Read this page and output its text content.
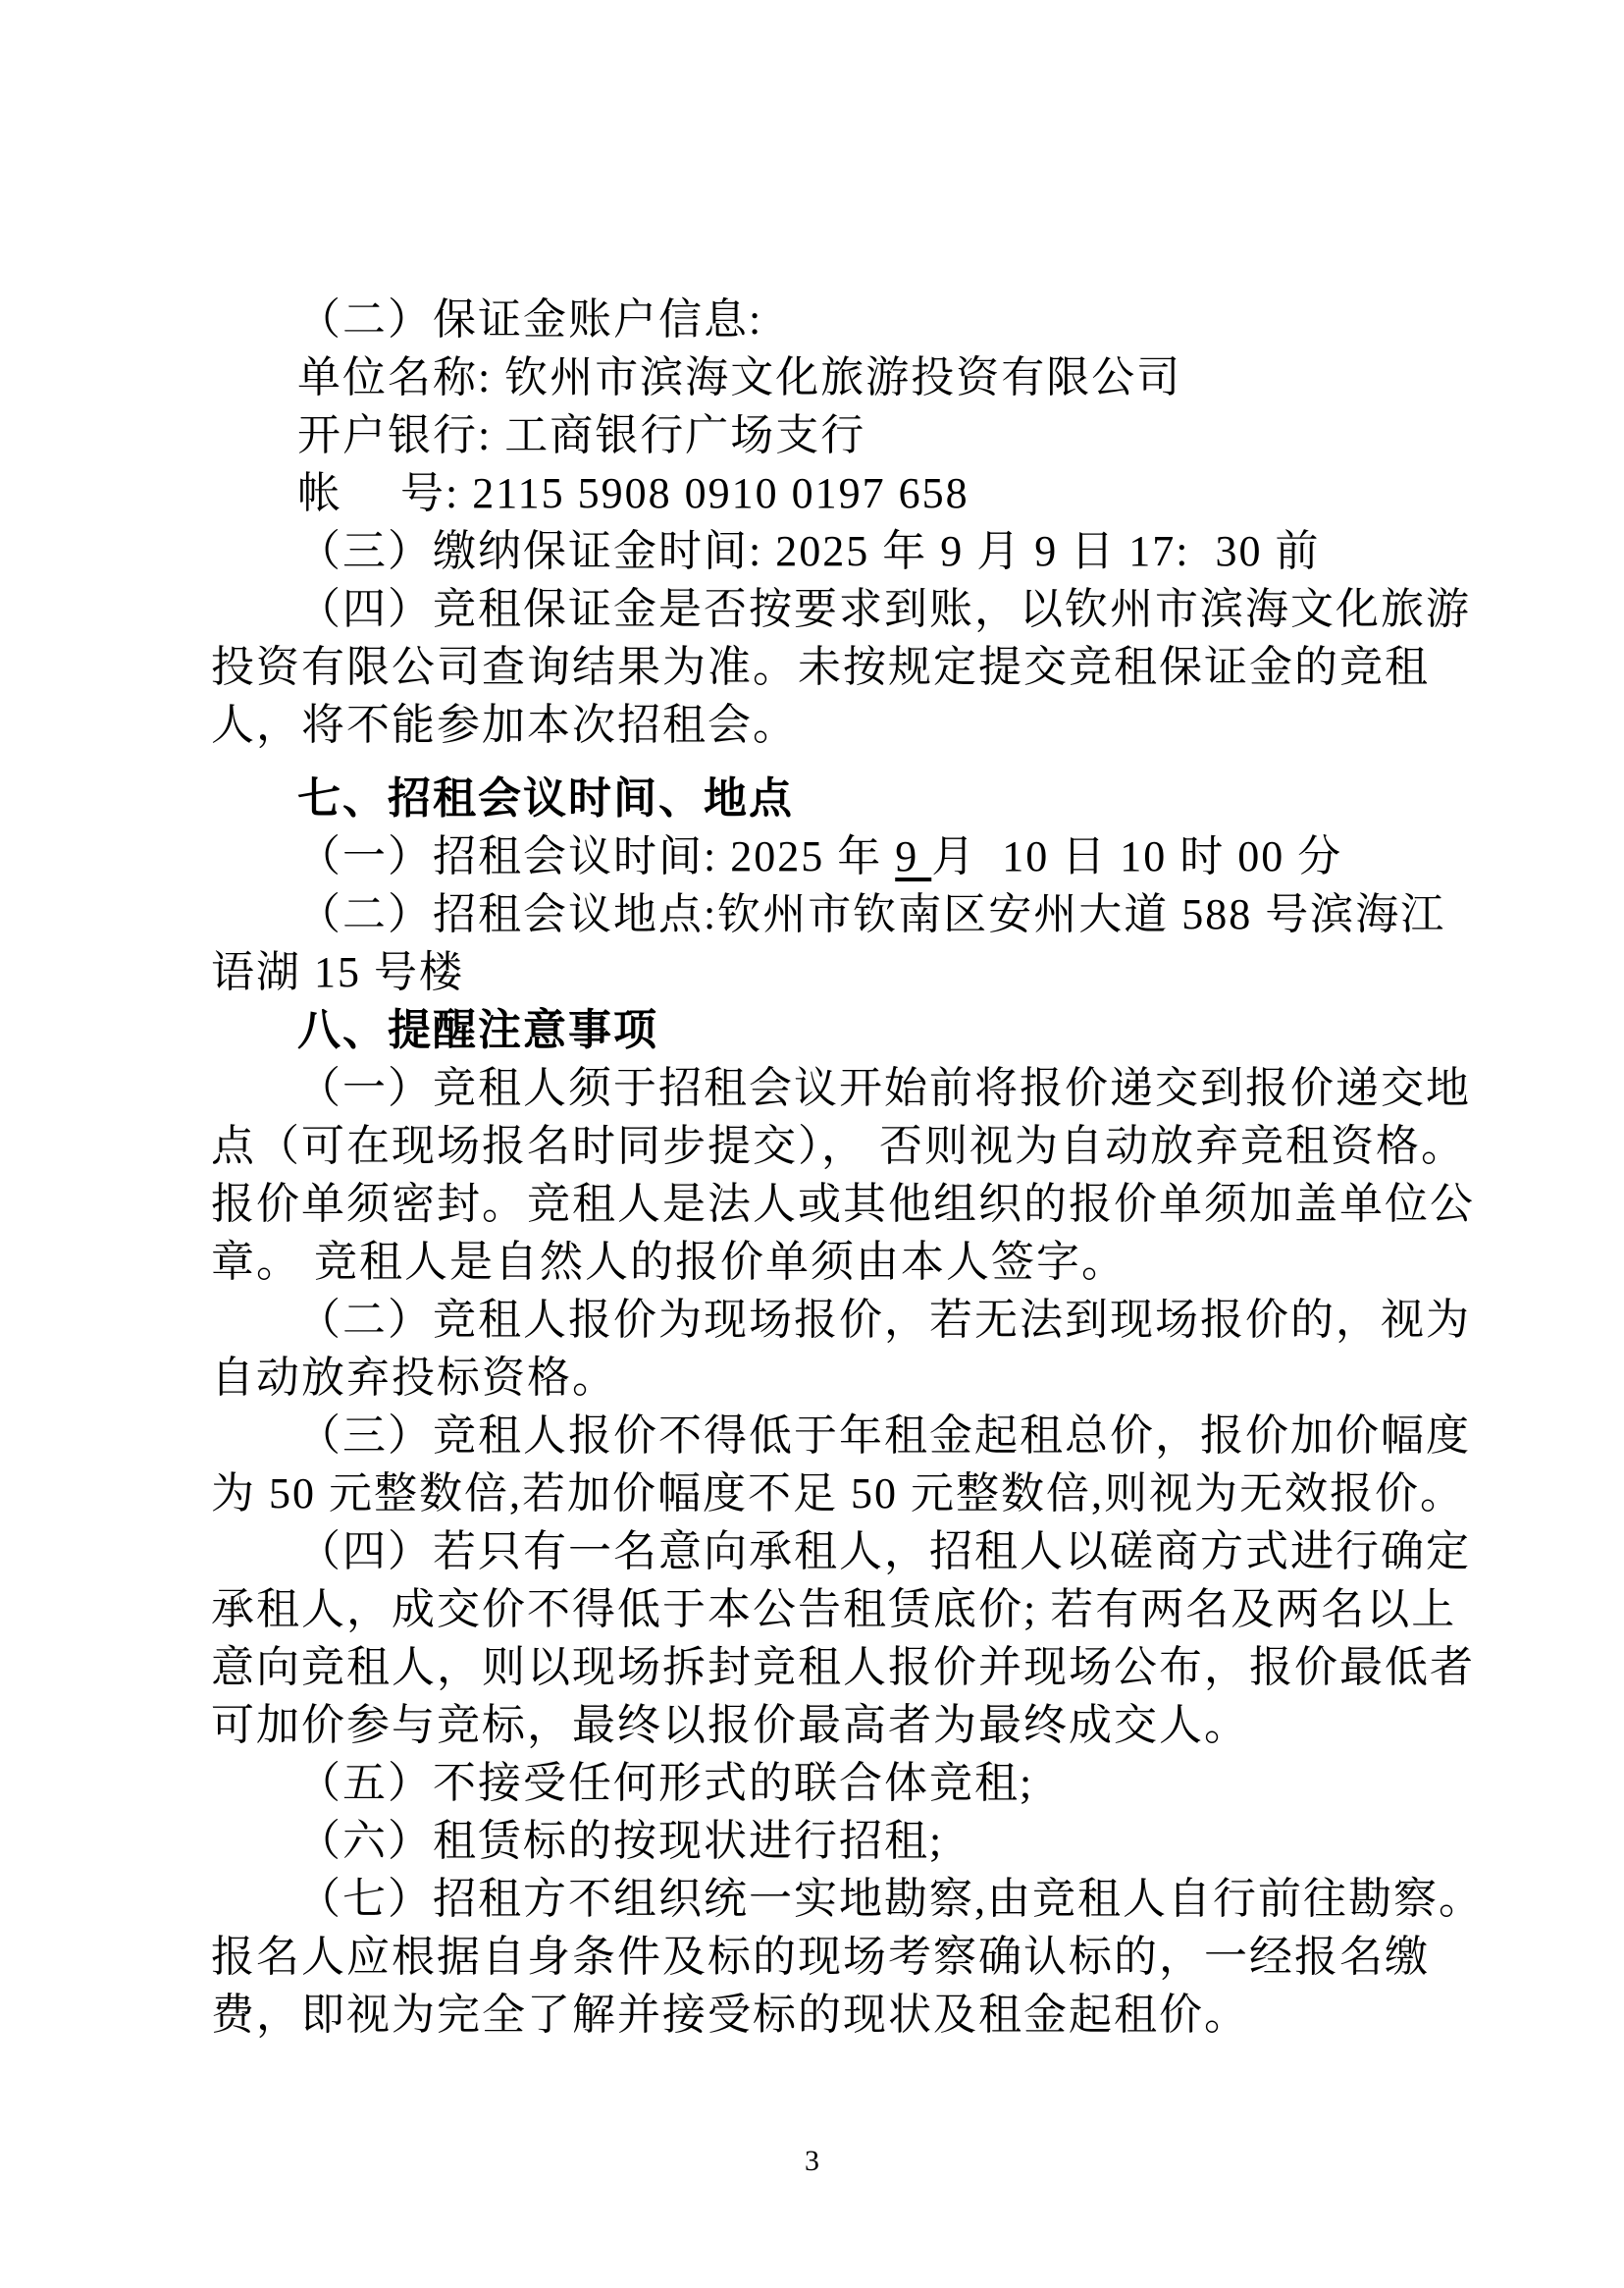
（二）保证金账户信息:
单位名称: 钦州市滨海文化旅游投资有限公司
开户银行: 工商银行广场支行
帐　 号: 2115 5908 0910 0197 658
（三）缴纳保证金时间: 2025 年 9 月 9 日 17:  30 前
（四）竞租保证金是否按要求到账，以钦州市滨海文化旅游
投资有限公司查询结果为准。未按规定提交竞租保证金的竞租
人，将不能参加本次招租会。
七、招租会议时间、地点
（一）招租会议时间: 2025 年 9 月  10 日 10 时 00 分
（二）招租会议地点:钦州市钦南区安州大道 588 号滨海江
语湖 15 号楼
八、提醒注意事项
（一）竞租人须于招租会议开始前将报价递交到报价递交地
点（可在现场报名时同步提交）， 否则视为自动放弃竞租资格。
报价单须密封。竞租人是法人或其他组织的报价单须加盖单位公
章。 竞租人是自然人的报价单须由本人签字。
（二）竞租人报价为现场报价，若无法到现场报价的，视为
自动放弃投标资格。
（三）竞租人报价不得低于年租金起租总价，报价加价幅度
为 50 元整数倍,若加价幅度不足 50 元整数倍,则视为无效报价。
（四）若只有一名意向承租人，招租人以磋商方式进行确定
承租人，成交价不得低于本公告租赁底价; 若有两名及两名以上
意向竞租人，则以现场拆封竞租人报价并现场公布，报价最低者
可加价参与竞标，最终以报价最高者为最终成交人。
（五）不接受任何形式的联合体竞租;
（六）租赁标的按现状进行招租;
（七）招租方不组织统一实地勘察,由竞租人自行前往勘察。
报名人应根据自身条件及标的现场考察确认标的，一经报名缴
费，即视为完全了解并接受标的现状及租金起租价。
3
